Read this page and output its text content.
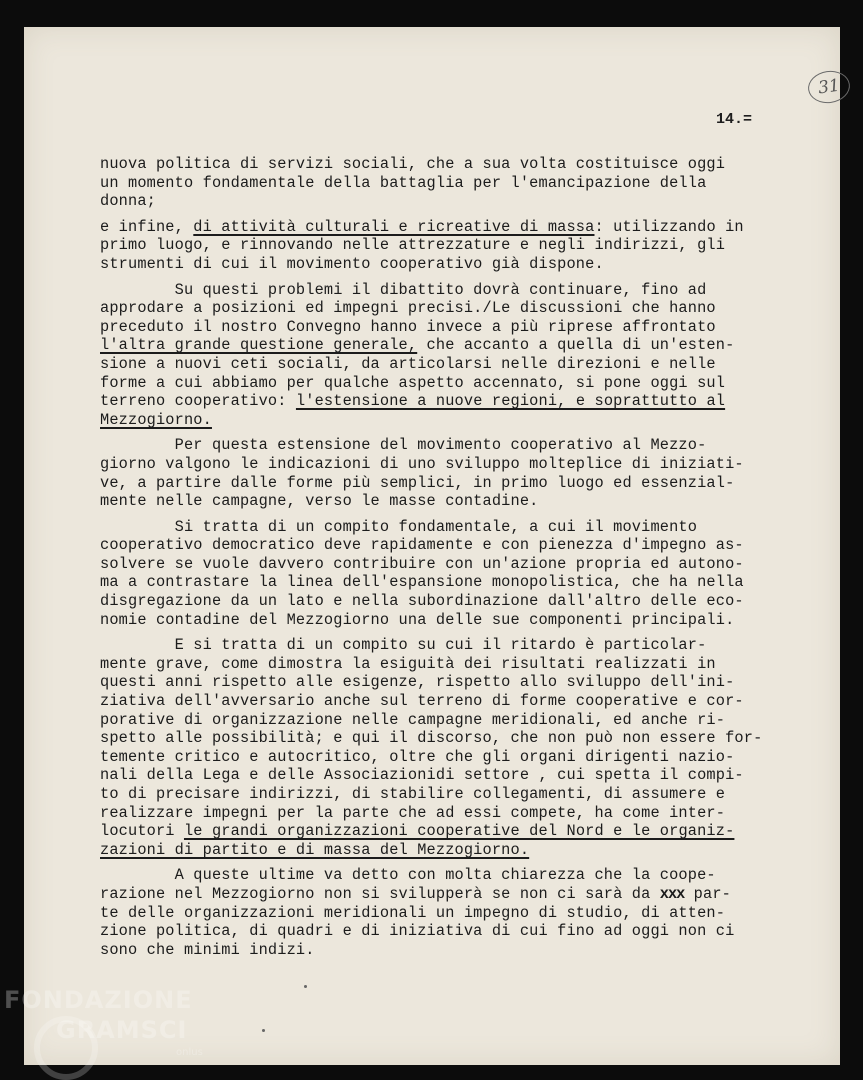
31
14.=
nuova politica di servizi sociali, che a sua volta costituisce oggi
un momento fondamentale della battaglia per l'emancipazione della
donna;
e infine, di attività culturali e ricreative di massa: utilizzando in
primo luogo, e rinnovando nelle attrezzature e negli indirizzi, gli
strumenti di cui il movimento cooperativo già dispone.
Su questi problemi il dibattito dovrà continuare, fino ad
approdare a posizioni ed impegni precisi./Le discussioni che hanno
preceduto il nostro Convegno hanno invece a più riprese affrontato
l'altra grande questione generale, che accanto a quella di un'esten-
sione a nuovi ceti sociali, da articolarsi nelle direzioni e nelle
forme a cui abbiamo per qualche aspetto accennato, si pone oggi sul
terreno cooperativo: l'estensione a nuove regioni, e soprattutto al
Mezzogiorno.
Per questa estensione del movimento cooperativo al Mezzo-
giorno valgono le indicazioni di uno sviluppo molteplice di iniziati-
ve, a partire dalle forme più semplici, in primo luogo ed essenzial-
mente nelle campagne, verso le masse contadine.
Si tratta di un compito fondamentale, a cui il movimento
cooperativo democratico deve rapidamente e con pienezza d'impegno as-
solvere se vuole davvero contribuire con un'azione propria ed autono-
ma a contrastare la linea dell'espansione monopolistica, che ha nella
disgregazione da un lato e nella subordinazione dall'altro delle eco-
nomie contadine del Mezzogiorno una delle sue componenti principali.
E si tratta di un compito su cui il ritardo è particolar-
mente grave, come dimostra la esiguità dei risultati realizzati in
questi anni rispetto alle esigenze, rispetto allo sviluppo dell'ini-
ziativa dell'avversario anche sul terreno di forme cooperative e cor-
porative di organizzazione nelle campagne meridionali, ed anche ri-
spetto alle possibilità; e qui il discorso, che non può non essere for-
temente critico e autocritico, oltre che gli organi dirigenti nazio-
nali della Lega e delle Associazionidi settore , cui spetta il compi-
to di precisare indirizzi, di stabilire collegamenti, di assumere e
realizzare impegni per la parte che ad essi compete, ha come inter-
locutori le grandi organizzazioni cooperative del Nord e le organiz-
zazioni di partito e di massa del Mezzogiorno.
A queste ultime va detto con molta chiarezza che la coope-
razione nel Mezzogiorno non si svilupperà se non ci sarà da xxx par-
te delle organizzazioni meridionali un impegno di studio, di atten-
zione politica, di quadri e di iniziativa di cui fino ad oggi non ci
sono che minimi indizi.
FONDAZIONE
GRAMSCI
onlus
